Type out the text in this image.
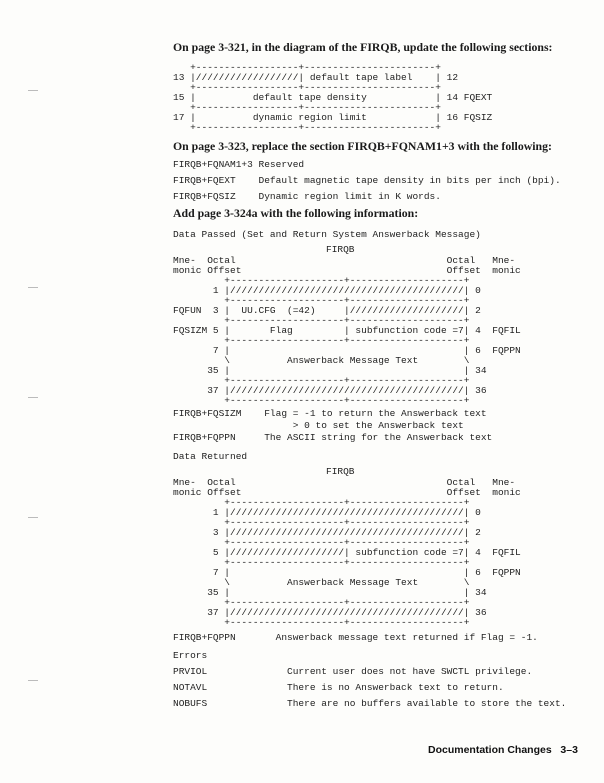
On page 3-321, in the diagram of the FIRQB, update the following sections:
+------------------+-----------------------+
13 |//////////////////| default tape label    | 12
+------------------+-----------------------+
15 |          default tape density            | 14 FQEXT
+------------------+-----------------------+
17 |          dynamic region limit            | 16 FQSIZ
+------------------+-----------------------+
On page 3-323, replace the section FIRQB+FQNAM1+3 with the following:
FIRQB+FQNAM1+3 Reserved
FIRQB+FQEXT    Default magnetic tape density in bits per inch (bpi).
FIRQB+FQSIZ    Dynamic region limit in K words.
Add page 3-324a with the following information:
Data Passed (Set and Return System Answerback Message)
FIRQB
Mne-  Octal                                     Octal   Mne-
monic Offset                                    Offset  monic
+--------------------+--------------------+
1 |/////////////////////////////////////////| 0
+--------------------+--------------------+
FQFUN  3 |  UU.CFG  (=42)     |////////////////////| 2
+--------------------+--------------------+
FQSIZM 5 |       Flag         | subfunction code =7| 4  FQFIL
+--------------------+--------------------+
7 |                                         | 6  FQPPN
\          Answerback Message Text        \
35 |                                         | 34
+--------------------+--------------------+
37 |/////////////////////////////////////////| 36
+--------------------+--------------------+
FIRQB+FQSIZM    Flag = -1 to return the Answerback text
> 0 to set the Answerback text
FIRQB+FQPPN     The ASCII string for the Answerback text
Data Returned
FIRQB
Mne-  Octal                                     Octal   Mne-
monic Offset                                    Offset  monic
+--------------------+--------------------+
1 |/////////////////////////////////////////| 0
+--------------------+--------------------+
3 |/////////////////////////////////////////| 2
+--------------------+--------------------+
5 |////////////////////| subfunction code =7| 4  FQFIL
+--------------------+--------------------+
7 |                                         | 6  FQPPN
\          Answerback Message Text        \
35 |                                         | 34
+--------------------+--------------------+
37 |/////////////////////////////////////////| 36
+--------------------+--------------------+
FIRQB+FQPPN       Answerback message text returned if Flag = -1.
Errors
PRVIOL              Current user does not have SWCTL privilege.
NOTAVL              There is no Answerback text to return.
NOBUFS              There are no buffers available to store the text.
Documentation Changes   3–3
